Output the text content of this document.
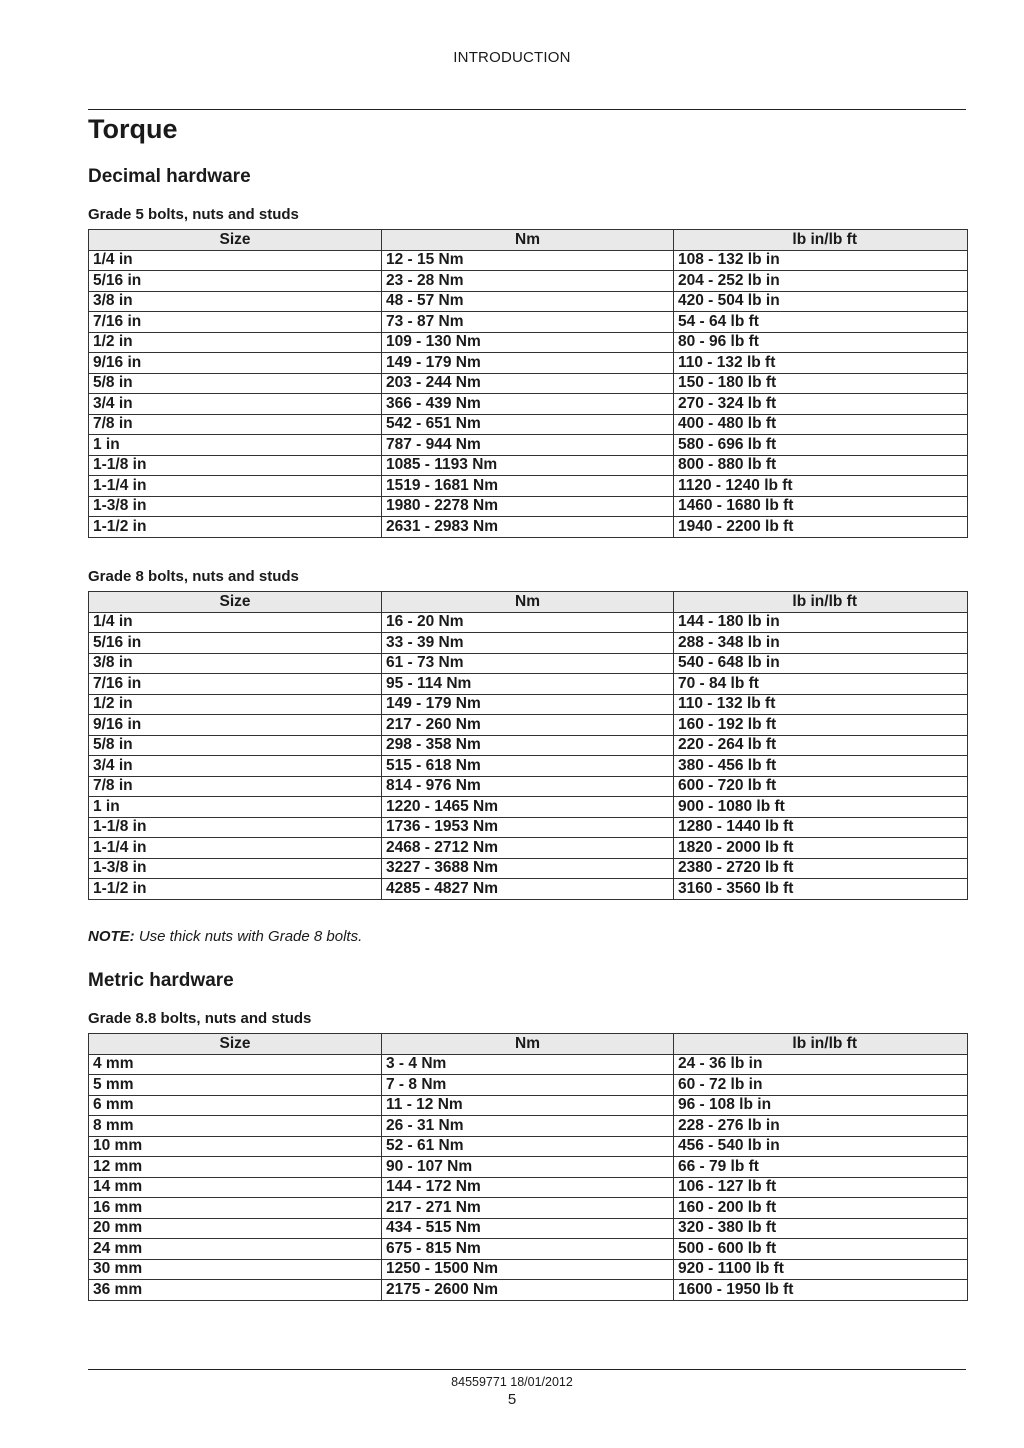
INTRODUCTION
Torque
Decimal hardware
Grade 5 bolts, nuts and studs
Size	Nm	lb in/lb ft
1/4 in	12 - 15 Nm	108 - 132 lb in
5/16 in	23 - 28 Nm	204 - 252 lb in
3/8 in	48 - 57 Nm	420 - 504 lb in
7/16 in	73 - 87 Nm	54 - 64 lb ft
1/2 in	109 - 130 Nm	80 - 96 lb ft
9/16 in	149 - 179 Nm	110 - 132 lb ft
5/8 in	203 - 244 Nm	150 - 180 lb ft
3/4 in	366 - 439 Nm	270 - 324 lb ft
7/8 in	542 - 651 Nm	400 - 480 lb ft
1 in	787 - 944 Nm	580 - 696 lb ft
1-1/8 in	1085 - 1193 Nm	800 - 880 lb ft
1-1/4 in	1519 - 1681 Nm	1120 - 1240 lb ft
1-3/8 in	1980 - 2278 Nm	1460 - 1680 lb ft
1-1/2 in	2631 - 2983 Nm	1940 - 2200 lb ft
Grade 8 bolts, nuts and studs
Size	Nm	lb in/lb ft
1/4 in	16 - 20 Nm	144 - 180 lb in
5/16 in	33 - 39 Nm	288 - 348 lb in
3/8 in	61 - 73 Nm	540 - 648 lb in
7/16 in	95 - 114 Nm	70 - 84 lb ft
1/2 in	149 - 179 Nm	110 - 132 lb ft
9/16 in	217 - 260 Nm	160 - 192 lb ft
5/8 in	298 - 358 Nm	220 - 264 lb ft
3/4 in	515 - 618 Nm	380 - 456 lb ft
7/8 in	814 - 976 Nm	600 - 720 lb ft
1 in	1220 - 1465 Nm	900 - 1080 lb ft
1-1/8 in	1736 - 1953 Nm	1280 - 1440 lb ft
1-1/4 in	2468 - 2712 Nm	1820 - 2000 lb ft
1-3/8 in	3227 - 3688 Nm	2380 - 2720 lb ft
1-1/2 in	4285 - 4827 Nm	3160 - 3560 lb ft

NOTE: Use thick nuts with Grade 8 bolts.

Metric hardware
Grade 8.8 bolts, nuts and studs
Size	Nm	lb in/lb ft
4 mm	3 - 4 Nm	24 - 36 lb in
5 mm	7 - 8 Nm	60 - 72 lb in
6 mm	11 - 12 Nm	96 - 108 lb in
8 mm	26 - 31 Nm	228 - 276 lb in
10 mm	52 - 61 Nm	456 - 540 lb in
12 mm	90 - 107 Nm	66 - 79 lb ft
14 mm	144 - 172 Nm	106 - 127 lb ft
16 mm	217 - 271 Nm	160 - 200 lb ft
20 mm	434 - 515 Nm	320 - 380 lb ft
24 mm	675 - 815 Nm	500 - 600 lb ft
30 mm	1250 - 1500 Nm	920 - 1100 lb ft
36 mm	2175 - 2600 Nm	1600 - 1950 lb ft
84559771 18/01/2012
5
